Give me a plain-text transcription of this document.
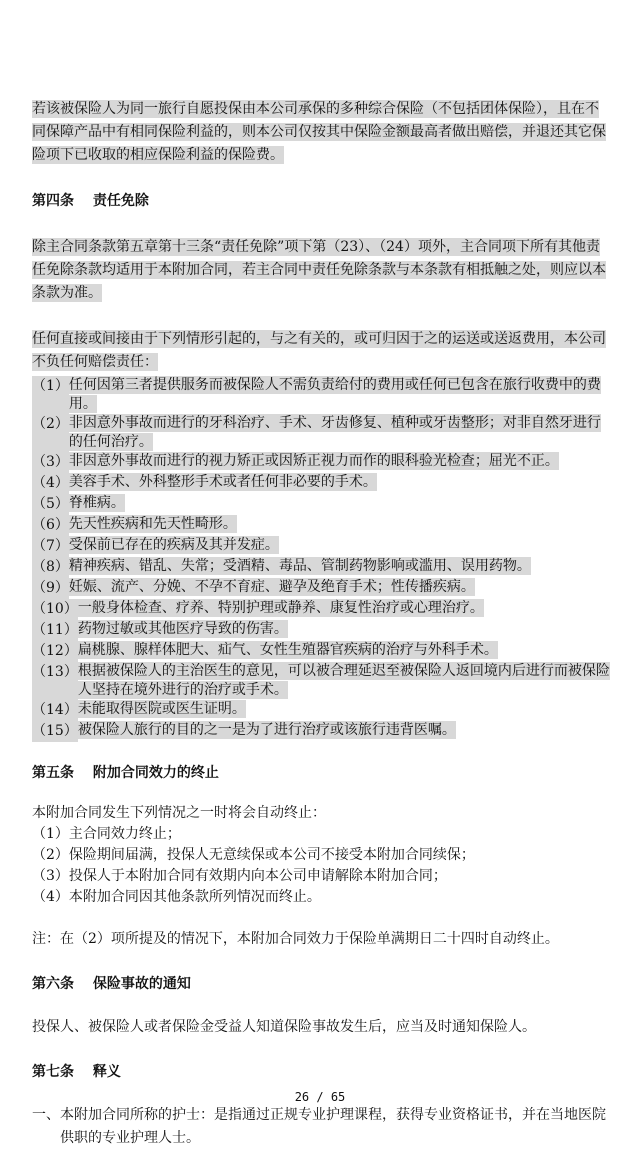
若该被保险人为同一旅行自愿投保由本公司承保的多种综合保险（不包括团体保险），且在不同保障产品中有相同保险利益的，则本公司仅按其中保险金额最高者做出赔偿，并退还其它保险项下已收取的相应保险利益的保险费。

第四条　 责任免除

除主合同条款第五章第十三条“责任免除”项下第（23）、（24）项外，主合同项下所有其他责任免除条款均适用于本附加合同，若主合同中责任免除条款与本条款有相抵触之处，则应以本条款为准。

任何直接或间接由于下列情形引起的，与之有关的，或可归因于之的运送或送返费用，本公司不负任何赔偿责任：

（1） 任何因第三者提供服务而被保险人不需负责给付的费用或任何已包含在旅行收费中的费用。
（2） 非因意外事故而进行的牙科治疗、手术、牙齿修复、植种或牙齿整形；对非自然牙进行的任何治疗。
（3） 非因意外事故而进行的视力矫正或因矫正视力而作的眼科验光检查；屈光不正。
（4） 美容手术、外科整形手术或者任何非必要的手术。
（5） 脊椎病。
（6） 先天性疾病和先天性畸形。
（7） 受保前已存在的疾病及其并发症。
（8） 精神疾病、错乱、失常；受酒精、毒品、管制药物影响或滥用、误用药物。
（9） 妊娠、流产、分娩、不孕不育症、避孕及绝育手术；性传播疾病。
（10） 一般身体检查、疗养、特别护理或静养、康复性治疗或心理治疗。
（11） 药物过敏或其他医疗导致的伤害。
（12） 扁桃腺、腺样体肥大、疝气、女性生殖器官疾病的治疗与外科手术。
（13） 根据被保险人的主治医生的意见，可以被合理延迟至被保险人返回境内后进行而被保险人坚持在境外进行的治疗或手术。
（14） 未能取得医院或医生证明。
（15） 被保险人旅行的目的之一是为了进行治疗或该旅行违背医嘱。

第五条　 附加合同效力的终止

本附加合同发生下列情况之一时将会自动终止：

（1） 主合同效力终止；
（2） 保险期间届满，投保人无意续保或本公司不接受本附加合同续保；
（3） 投保人于本附加合同有效期内向本公司申请解除本附加合同；
（4） 本附加合同因其他条款所列情况而终止。

注：在（2）项所提及的情况下，本附加合同效力于保险单满期日二十四时自动终止。

第六条　 保险事故的通知

投保人、被保险人或者保险金受益人知道保险事故发生后，应当及时通知保险人。

第七条　 释义

一、 本附加合同所称的护士：是指通过正规专业护理课程，获得专业资格证书，并在当地医院供职的专业护理人士。
26 / 65
